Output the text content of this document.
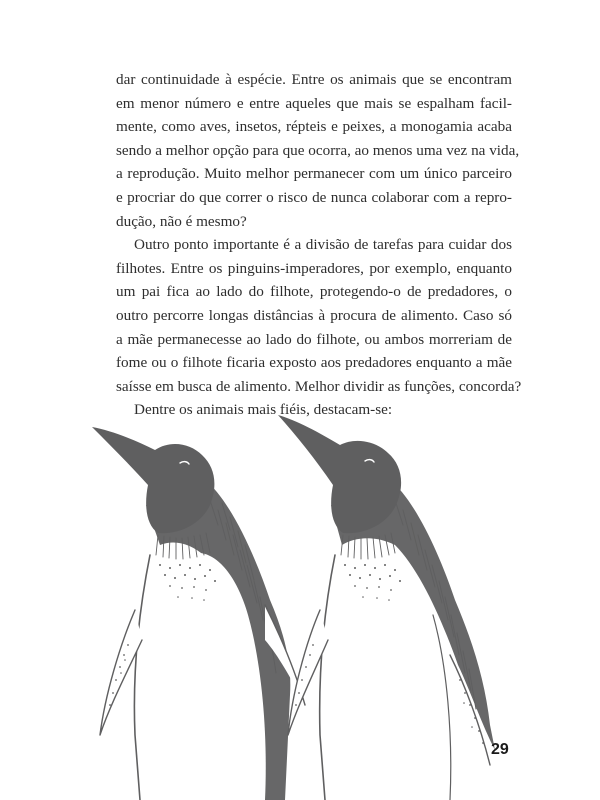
dar continuidade à espécie. Entre os animais que se encontram
em menor número e entre aqueles que mais se espalham facil-
mente, como aves, insetos, répteis e peixes, a monogamia acaba
sendo a melhor opção para que ocorra, ao menos uma vez na vida,
a reprodução. Muito melhor permanecer com um único parceiro
e procriar do que correr o risco de nunca colaborar com a repro-
dução, não é mesmo?
Outro ponto importante é a divisão de tarefas para cuidar dos
filhotes. Entre os pinguins-imperadores, por exemplo, enquanto
um pai fica ao lado do filhote, protegendo-o de predadores, o
outro percorre longas distâncias à procura de alimento. Caso só
a mãe permanecesse ao lado do filhote, ou ambos morreriam de
fome ou o filhote ficaria exposto aos predadores enquanto a mãe
saísse em busca de alimento. Melhor dividir as funções, concorda?
Dentre os animais mais fiéis, destacam-se:
29
